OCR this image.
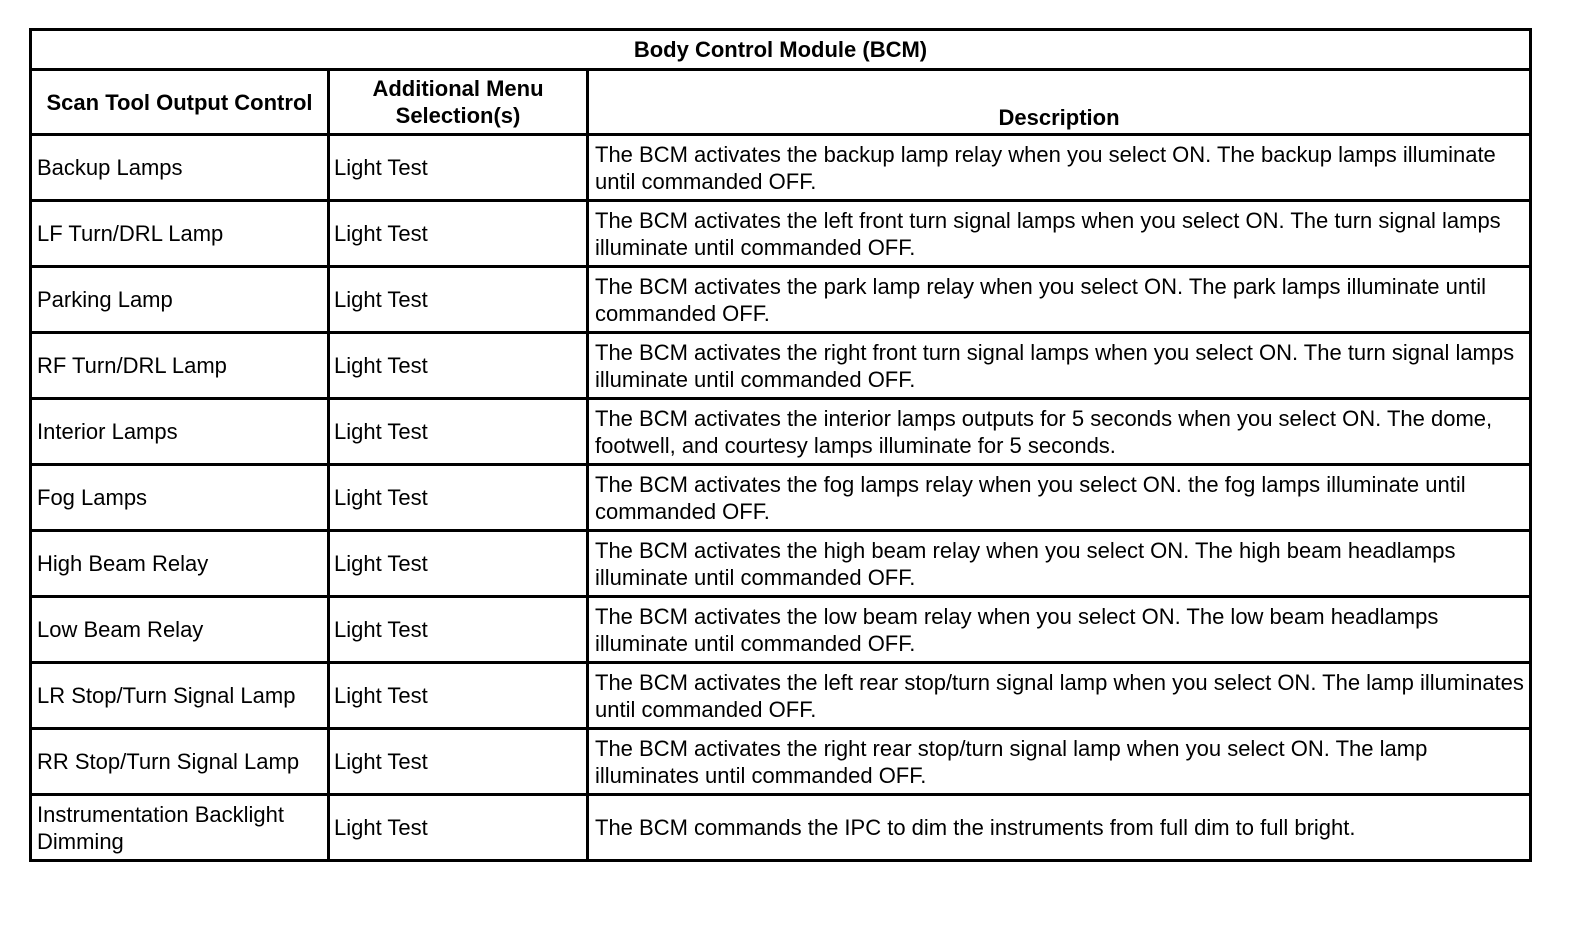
Body Control Module (BCM)		
Scan Tool Output Control	Additional Menu Selection(s)	Description
Backup Lamps	Light Test	The BCM activates the backup lamp relay when you select ON. The backup lamps illuminate until commanded OFF.
LF Turn/DRL Lamp	Light Test	The BCM activates the left front turn signal lamps when you select ON. The turn signal lamps illuminate until commanded OFF.
Parking Lamp	Light Test	The BCM activates the park lamp relay when you select ON. The park lamps illuminate until commanded OFF.
RF Turn/DRL Lamp	Light Test	The BCM activates the right front turn signal lamps when you select ON. The turn signal lamps illuminate until commanded OFF.
Interior Lamps	Light Test	The BCM activates the interior lamps outputs for 5 seconds when you select ON. The dome, footwell, and courtesy lamps illuminate for 5 seconds.
Fog Lamps	Light Test	The BCM activates the fog lamps relay when you select ON. the fog lamps illuminate until commanded OFF.
High Beam Relay	Light Test	The BCM activates the high beam relay when you select ON. The high beam headlamps illuminate until commanded OFF.
Low Beam Relay	Light Test	The BCM activates the low beam relay when you select ON. The low beam headlamps illuminate until commanded OFF.
LR Stop/Turn Signal Lamp	Light Test	The BCM activates the left rear stop/turn signal lamp when you select ON. The lamp illuminates until commanded OFF.
RR Stop/Turn Signal Lamp	Light Test	The BCM activates the right rear stop/turn signal lamp when you select ON. The lamp illuminates until commanded OFF.
Instrumentation Backlight Dimming	Light Test	The BCM commands the IPC to dim the instruments from full dim to full bright.
